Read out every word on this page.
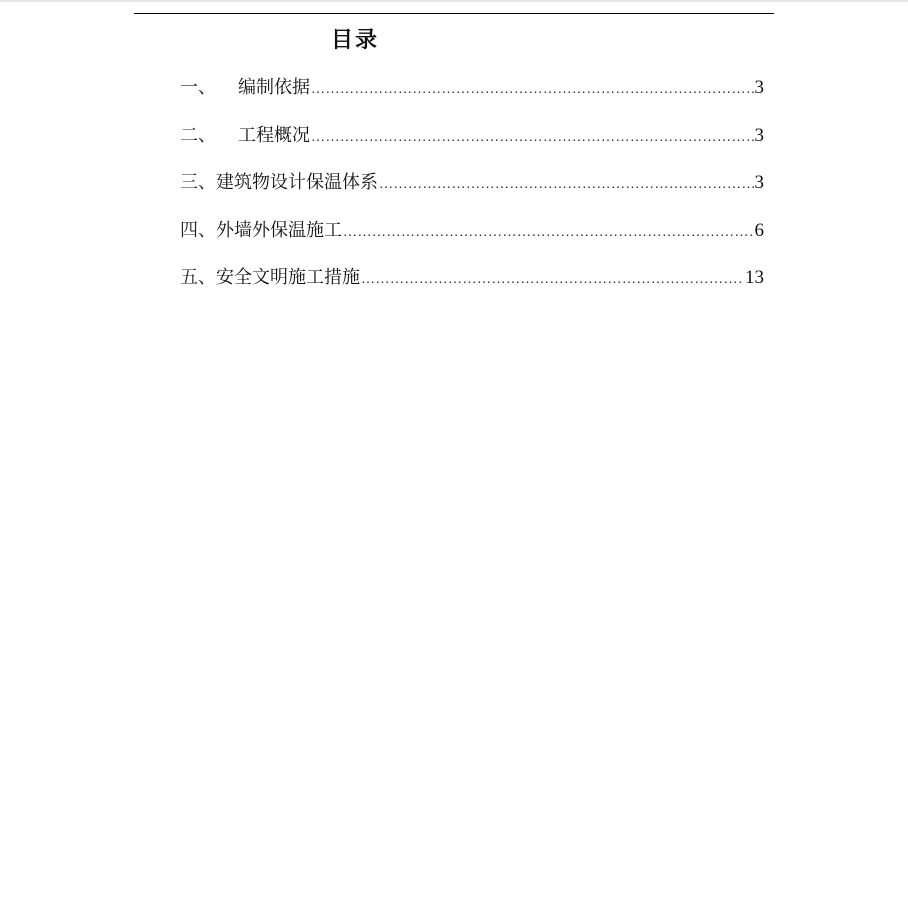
目录
一、 编制依据 …………………………………………………………………………………………………………………………………	3
二、 工程概况 …………………………………………………………………………………………………………………………………	3
三、 建筑物设计保温体系 …………………………………………………………………………………………………………………………………	3
四、 外墙外保温施工 …………………………………………………………………………………………………………………………………	6
五、 安全文明施工措施 …………………………………………………………………………………………………………………………………	13
